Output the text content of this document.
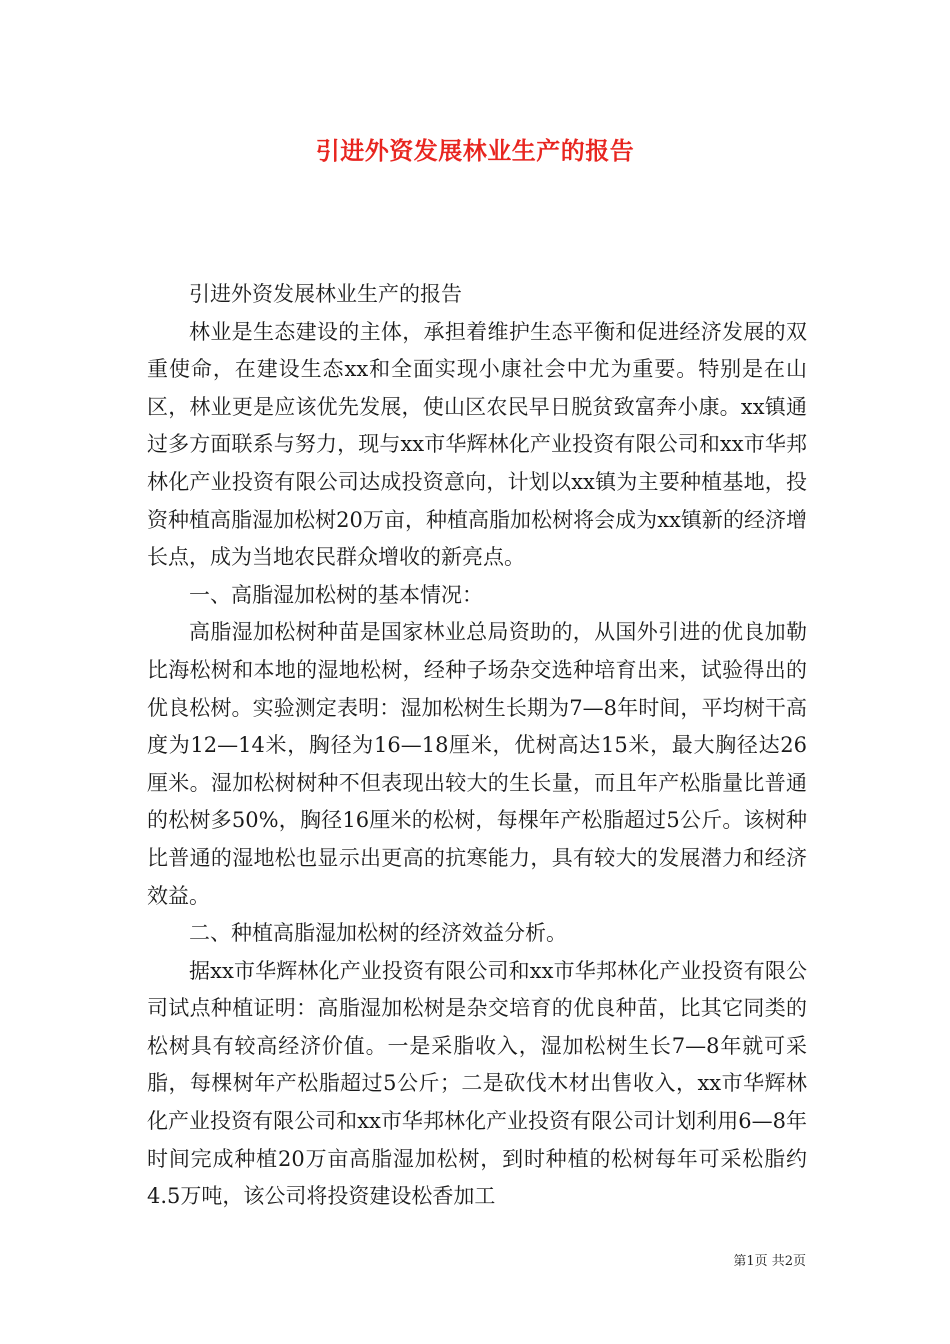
引进外资发展林业生产的报告

引进外资发展林业生产的报告

林业是生态建设的主体，承担着维护生态平衡和促进经济发展的双重使命，在建设生态xx和全面实现小康社会中尤为重要。特别是在山区，林业更是应该优先发展，使山区农民早日脱贫致富奔小康。xx镇通过多方面联系与努力，现与xx市华辉林化产业投资有限公司和xx市华邦林化产业投资有限公司达成投资意向，计划以xx镇为主要种植基地，投资种植高脂湿加松树20万亩，种植高脂加松树将会成为xx镇新的经济增长点，成为当地农民群众增收的新亮点。

一、高脂湿加松树的基本情况：

高脂湿加松树种苗是国家林业总局资助的，从国外引进的优良加勒比海松树和本地的湿地松树，经种子场杂交选种培育出来，试验得出的优良松树。实验测定表明：湿加松树生长期为7—8年时间，平均树干高度为12—14米，胸径为16—18厘米，优树高达15米，最大胸径达26厘米。湿加松树树种不但表现出较大的生长量，而且年产松脂量比普通的松树多50%，胸径16厘米的松树，每棵年产松脂超过5公斤。该树种比普通的湿地松也显示出更高的抗寒能力，具有较大的发展潜力和经济效益。

二、种植高脂湿加松树的经济效益分析。

据xx市华辉林化产业投资有限公司和xx市华邦林化产业投资有限公司试点种植证明：高脂湿加松树是杂交培育的优良种苗，比其它同类的松树具有较高经济价值。一是采脂收入，湿加松树生长7—8年就可采脂，每棵树年产松脂超过5公斤；二是砍伐木材出售收入，xx市华辉林化产业投资有限公司和xx市华邦林化产业投资有限公司计划利用6—8年时间完成种植20万亩高脂湿加松树，到时种植的松树每年可采松脂约4.5万吨，该公司将投资建设松香加工

第1页 共2页
